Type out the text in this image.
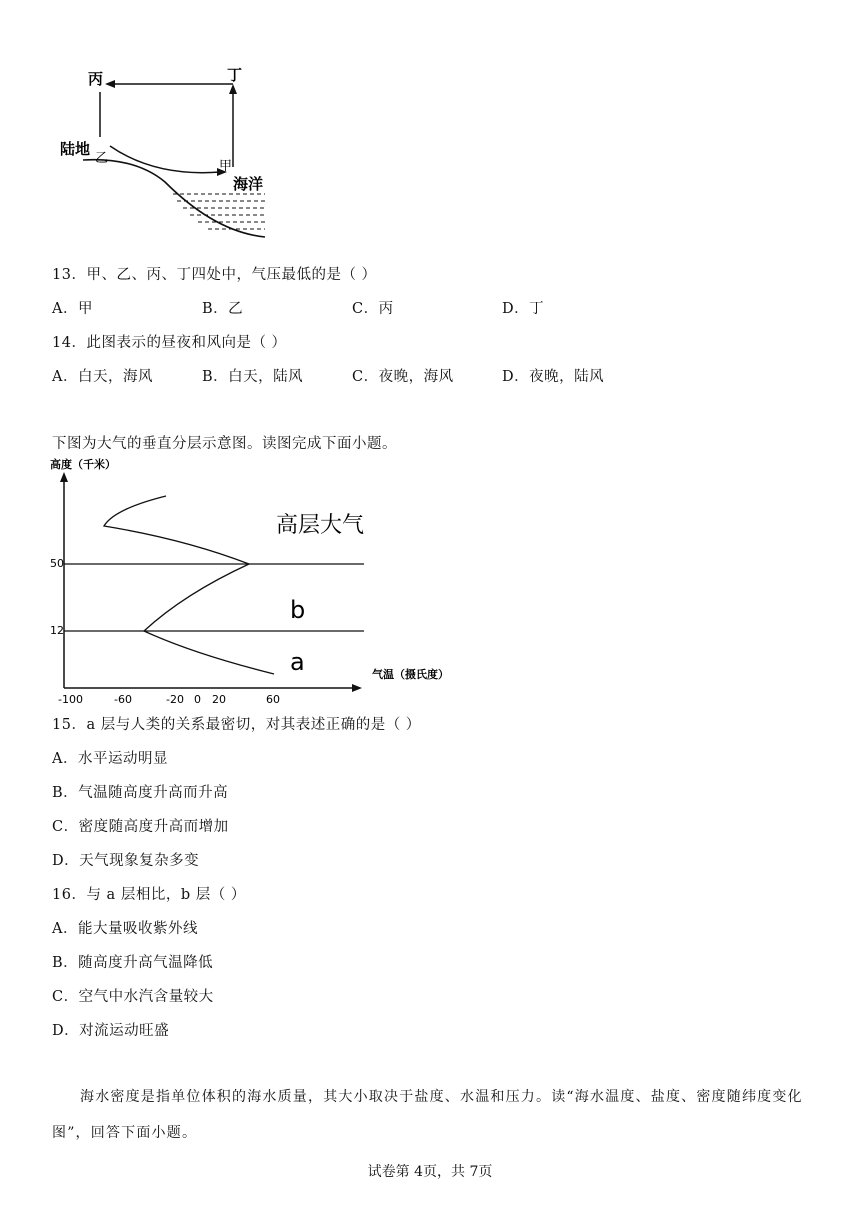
丙	丁
陆地
乙
甲
海洋
13．甲、乙、丙、丁四处中，气压最低的是（ ）
A．甲	B．乙	C．丙	D．丁
14．此图表示的昼夜和风向是（ ）
A．白天，海风	B．白天，陆风	C．夜晚，海风	D．夜晚，陆风
下图为大气的垂直分层示意图。读图完成下面小题。
50
12
-100	-60	-20 0 20	60
高度（千米）
气温（摄氏度）
高层大气
b
a
15．a 层与人类的关系最密切，对其表述正确的是（ ）
A．水平运动明显
B．气温随高度升高而升高
C．密度随高度升高而增加
D．天气现象复杂多变
16．与 a 层相比，b 层（ ）
A．能大量吸收紫外线
B．随高度升高气温降低
C．空气中水汽含量较大
D．对流运动旺盛
海水密度是指单位体积的海水质量，其大小取决于盐度、水温和压力。读“海水温度、盐度、密度随纬度变化
图”，回答下面小题。
试卷第 4页，共 7页
